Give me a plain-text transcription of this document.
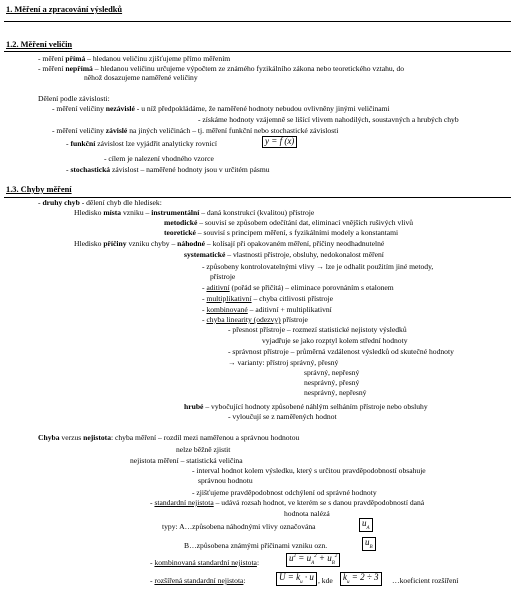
1. Měření a zpracování výsledků
1.2. Měření veličin
- měření přímá – hledanou veličinu zjišťujeme přímo měřením
- měření nepřímá – hledanou veličinu určujeme výpočtem ze známého fyzikálního zákona nebo teoretického vztahu, do
něhož dosazujeme naměřené veličiny
Dělení podle závislosti:
- měření veličiny nezávislé - u níž předpokládáme, že naměřené hodnoty nebudou ovlivněny jinými veličinami
- získáme hodnoty vzájemně se lišící vlivem nahodilých, soustavných a hrubých chyb
- měření veličiny závislé na jiných veličinách – tj. měření funkční nebo stochastické závislosti
- funkční závislost lze vyjádřit analyticky rovnicí	y = f (x)
- cílem je nalezení vhodného vzorce
- stochastická závislost – naměřené hodnoty jsou v určitém pásmu
1.3. Chyby měření
- druhy chyb - dělení chyb dle hledisek:
Hledisko místa vzniku – instrumentální – daná konstrukcí (kvalitou) přístroje
metodické – souvisí se způsobem odečítání dat, eliminací vnějších rušivých vlivů
teoretické – souvisí s principem měření, s fyzikálními modely a konstantami
Hledisko příčiny vzniku chyby – náhodné – kolísají při opakovaném měření, příčiny neodhadnutelné
systematické – vlastnosti přístroje, obsluhy, nedokonalost měření
- způsobeny kontrolovatelnými vlivy → lze je odhalit použitím jiné metody,
přístroje
- aditivní (pořád se přičítá) – eliminace porovnáním s etalonem
- multiplikativní – chyba citlivosti přístroje
- kombinované – aditivní + multiplikativní
- chyba linearity (odezvy) přístroje
- přesnost přístroje – rozmezí statistické nejistoty výsledků
vyjadřuje se jako rozptyl kolem střední hodnoty
- správnost přístroje – průměrná vzdálenost výsledků od skutečné hodnoty
→ varianty: přístroj správný, přesný
správný, nepřesný
nesprávný, přesný
nesprávný, nepřesný
hrubé – vybočující hodnoty způsobené náhlým selháním přístroje nebo obsluhy
- vyloučují se z naměřených hodnot
Chyba verzus nejistota: chyba měření – rozdíl mezi naměřenou a správnou hodnotou
nelze běžně zjistit
nejistota měření – statistická veličina
- interval hodnot kolem výsledku, který s určitou pravděpodobností obsahuje
správnou hodnotu
- zjišťujeme pravděpodobnost odchýlení od správné hodnoty
- standardní nejistota – udává rozsah hodnot, ve kterém se s danou pravděpodobností daná
hodnota nalézá
typy: A…způsobena náhodnými vlivy označována	$u_A$
B…způsobena známými příčinami vzniku ozn.	$u_B$
- kombinovaná standardní nejistota:	$u^2 = u_A^2 + u_B^2$
- rozšířená standardní nejistota:	$U = k_u \cdot u$ , kde	$k_u = 2 \div 3$	…koeficient rozšíření
